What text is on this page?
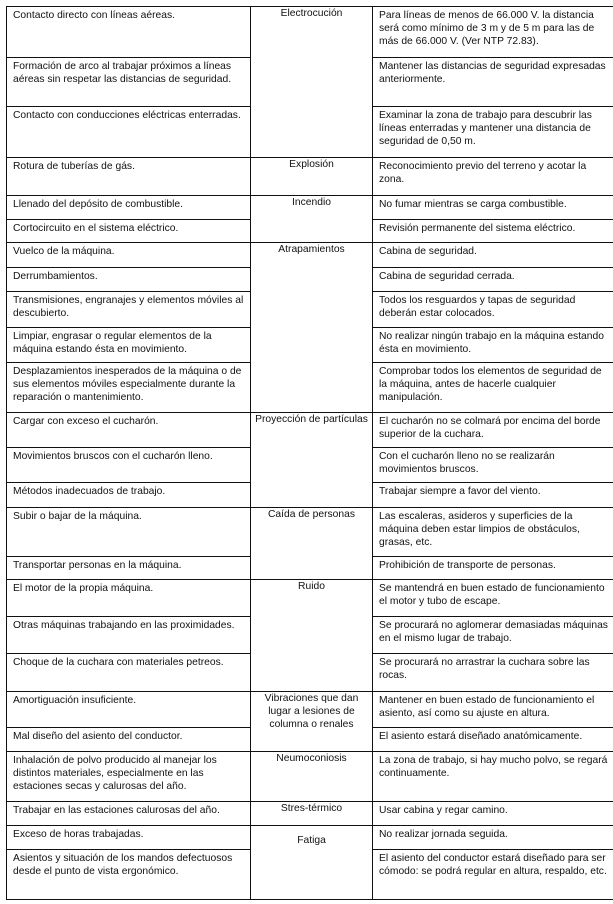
Contacto directo con líneas aéreas.	Electrocución	Para líneas de menos de 66.000 V. la distancia será como mínimo de 3 m y de 5 m para las de más de 66.000 V. (Ver NTP 72.83).

Formación de arco al trabajar próximos a líneas aéreas sin respetar las distancias de seguridad.		Mantener las distancias de seguridad expresadas anteriormente.

Contacto con conducciones eléctricas enterradas.		Examinar la zona de trabajo para descubrir las líneas enterradas y mantener una distancia de seguridad de 0,50 m.

Rotura de tuberías de gás.	Explosión	Reconocimiento previo del terreno y acotar la zona.

Llenado del depósito de combustible.	Incendio	No fumar mientras se carga combustible.

Cortocircuito en el sistema eléctrico.		Revisión permanente del sistema eléctrico.

Vuelco de la máquina.	Atrapamientos	Cabina de seguridad.

Derrumbamientos.		Cabina de seguridad cerrada.

Transmisiones, engranajes y elementos móviles al descubierto.		Todos los resguardos y tapas de seguridad deberán estar colocados.

Limpiar, engrasar o regular elementos de la máquina estando ésta en movimiento.		No realizar ningún trabajo en la máquina estando ésta en movimiento.

Desplazamientos inesperados de la máquina o de sus elementos móviles especialmente durante la reparación o mantenimiento.		Comprobar todos los elementos de seguridad de la máquina, antes de hacerle cualquier manipulación.

Cargar con exceso el cucharón.	Proyección de partículas	El cucharón no se colmará por encima del borde superior de la cuchara.

Movimientos bruscos con el cucharón lleno.		Con el cucharón lleno no se realizarán movimientos bruscos.

Métodos inadecuados de trabajo.		Trabajar siempre a favor del viento.

Subir o bajar de la máquina.	Caída de personas	Las escaleras, asideros y superficies de la máquina deben estar limpios de obstáculos, grasas, etc.

Transportar personas en la máquina.		Prohibición de transporte de personas.

El motor de la propia máquina.	Ruido	Se mantendrá en buen estado de funcionamiento el motor y tubo de escape.

Otras máquinas trabajando en las proximidades.		Se procurará no aglomerar demasiadas máquinas en el mismo lugar de trabajo.

Choque de la cuchara con materiales petreos.		Se procurará no arrastrar la cuchara sobre las rocas.

Amortiguación insuficiente.	Vibraciones que dan lugar a lesiones de columna o renales	Mantener en buen estado de funcionamiento el asiento, así como su ajuste en altura.

Mal diseño del asiento del conductor.		El asiento estará diseñado anatómicamente.

Inhalación de polvo producido al manejar los distintos materiales, especialmente en las estaciones secas y calurosas del año.	Neumoconiosis	La zona de trabajo, si hay mucho polvo, se regará continuamente.

Trabajar en las estaciones calurosas del año.	Stres-térmico	Usar cabina y regar camino.

Exceso de horas trabajadas.	Fatiga	No realizar jornada seguida.

Asientos y situación de los mandos defectuosos desde el punto de vista ergonómico.		El asiento del conductor estará diseñado para ser cómodo: se podrá regular en altura, respaldo, etc.
